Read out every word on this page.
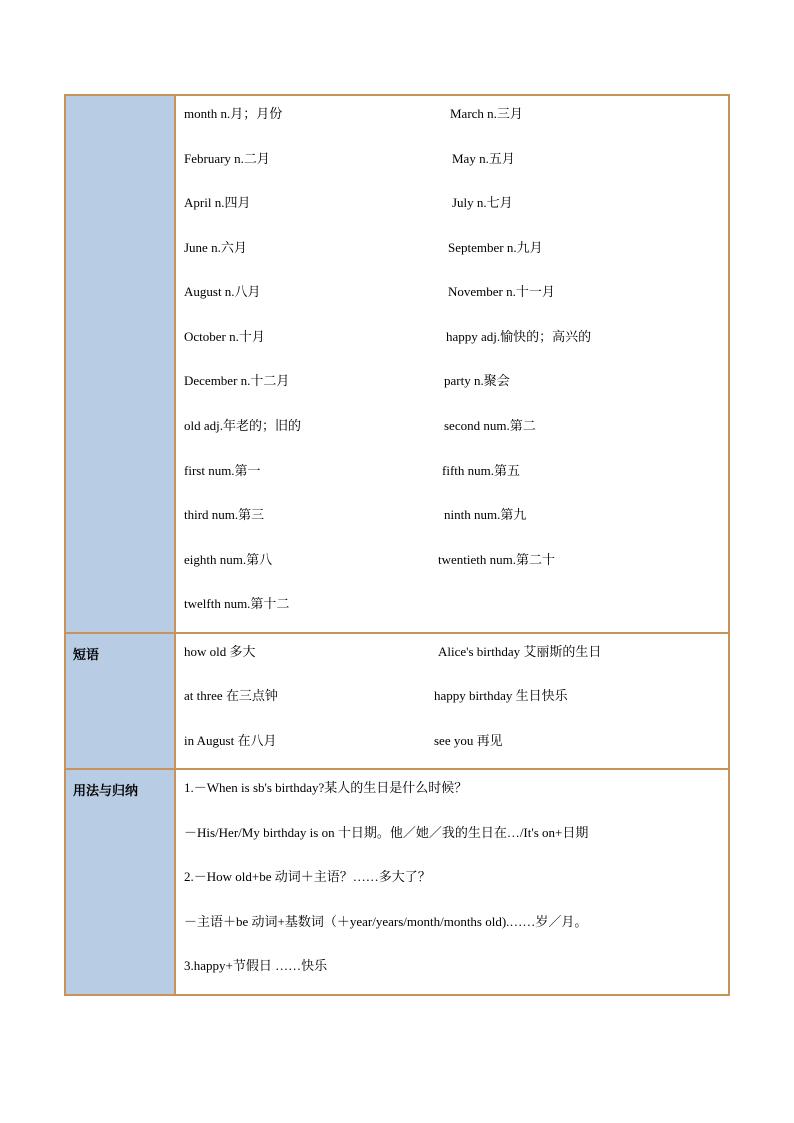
month n.月；月份	March n.三月
February n.二月	May n.五月
April n.四月	July n.七月
June n.六月	September n.九月
August n.八月	November n.十一月
October n.十月	happy adj.愉快的；高兴的
December n.十二月	party n.聚会
old adj.年老的；旧的	second num.第二
first num.第一	fifth num.第五
third num.第三	ninth num.第九
eighth num.第八	twentieth num.第二十
twelfth num.第十二
短语	how old 多大	Alice's birthday 艾丽斯的生日
at three 在三点钟	happy birthday 生日快乐
in August 在八月	see you 再见
用法与归纳	1.－When is sb's birthday?某人的生日是什么时候？
－His/Her/My birthday is on 十日期。他／她／我的生日在…/It's on+日期
2.－How old+be 动词＋主语？……多大了？
－主语＋be 动词+基数词（＋year/years/month/months old).……岁／月。
3.happy+节假日 ……快乐
